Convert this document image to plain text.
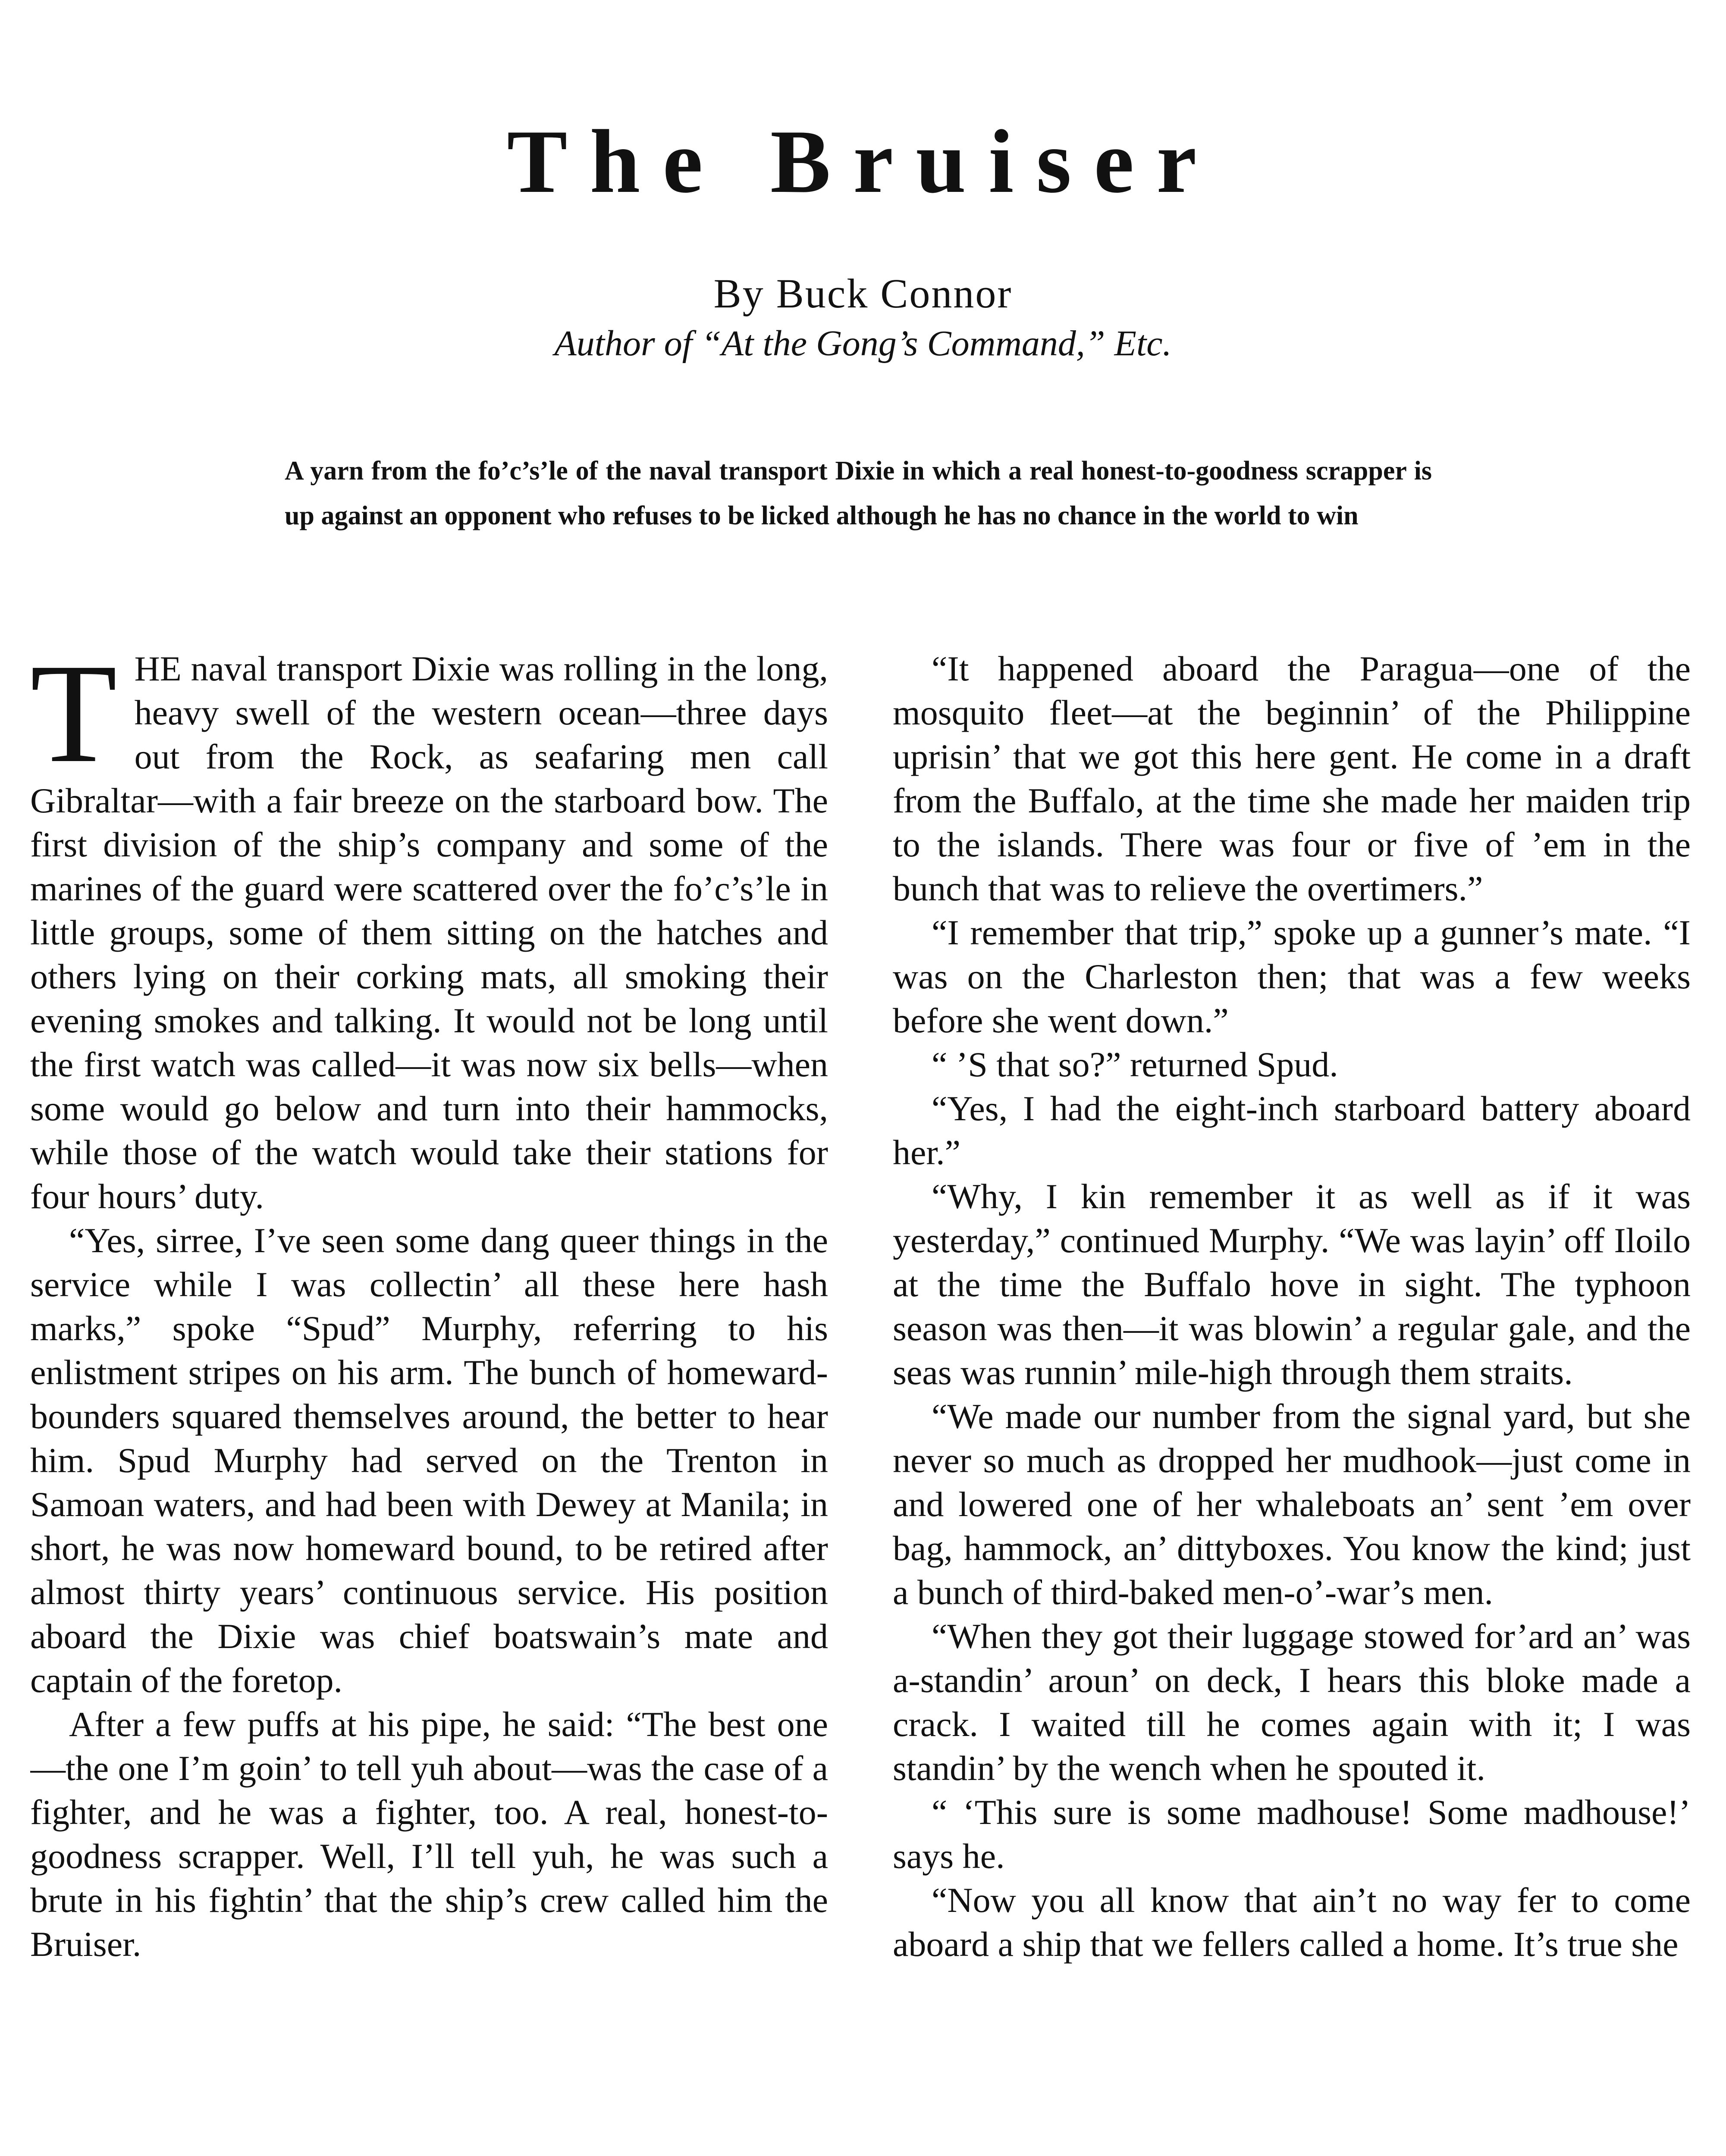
The Bruiser
By Buck Connor
Author of “At the Gong’s Command,” Etc.
A yarn from the fo’c’s’le of the naval transport Dixie in which a real honest-to-goodness scrapper is up against an opponent who refuses to be licked although he has no chance in the world to win

THE naval transport Dixie was rolling in the long, heavy swell of the western ocean—three days out from the Rock, as seafaring men call Gibraltar—with a fair breeze on the starboard bow. The first division of the ship’s company and some of the marines of the guard were scattered over the fo’c’s’le in little groups, some of them sitting on the hatches and others lying on their corking mats, all smoking their evening smokes and talking. It would not be long until the first watch was called—it was now six bells—when some would go below and turn into their hammocks, while those of the watch would take their stations for four hours’ duty.

“Yes, sirree, I’ve seen some dang queer things in the service while I was collectin’ all these here hash marks,” spoke “Spud” Murphy, referring to his enlistment stripes on his arm. The bunch of homeward-bounders squared themselves around, the better to hear him. Spud Murphy had served on the Trenton in Samoan waters, and had been with Dewey at Manila; in short, he was now homeward bound, to be retired after almost thirty years’ continuous service. His position aboard the Dixie was chief boatswain’s mate and captain of the foretop.

After a few puffs at his pipe, he said: “The best one—the one I’m goin’ to tell yuh about—was the case of a fighter, and he was a fighter, too. A real, honest-to-goodness scrapper. Well, I’ll tell yuh, he was such a brute in his fightin’ that the ship’s crew called him the Bruiser.

“It happened aboard the Paragua—one of the mosquito fleet—at the beginnin’ of the Philippine uprisin’ that we got this here gent. He come in a draft from the Buffalo, at the time she made her maiden trip to the islands. There was four or five of ’em in the bunch that was to relieve the overtimers.”

“I remember that trip,” spoke up a gunner’s mate. “I was on the Charleston then; that was a few weeks before she went down.”

“ ’S that so?” returned Spud.

“Yes, I had the eight-inch starboard battery aboard her.”

“Why, I kin remember it as well as if it was yesterday,” continued Murphy. “We was layin’ off Iloilo at the time the Buffalo hove in sight. The typhoon season was then—it was blowin’ a regular gale, and the seas was runnin’ mile-high through them straits.

“We made our number from the signal yard, but she never so much as dropped her mudhook—just come in and lowered one of her whaleboats an’ sent ’em over bag, hammock, an’ dittyboxes. You know the kind; just a bunch of third-baked men-o’-war’s men.

“When they got their luggage stowed for’ard an’ was a-standin’ aroun’ on deck, I hears this bloke made a crack. I waited till he comes again with it; I was standin’ by the wench when he spouted it.

“ ‘This sure is some madhouse! Some madhouse!’ says he.

“Now you all know that ain’t no way fer to come aboard a ship that we fellers called a home. It’s true she
